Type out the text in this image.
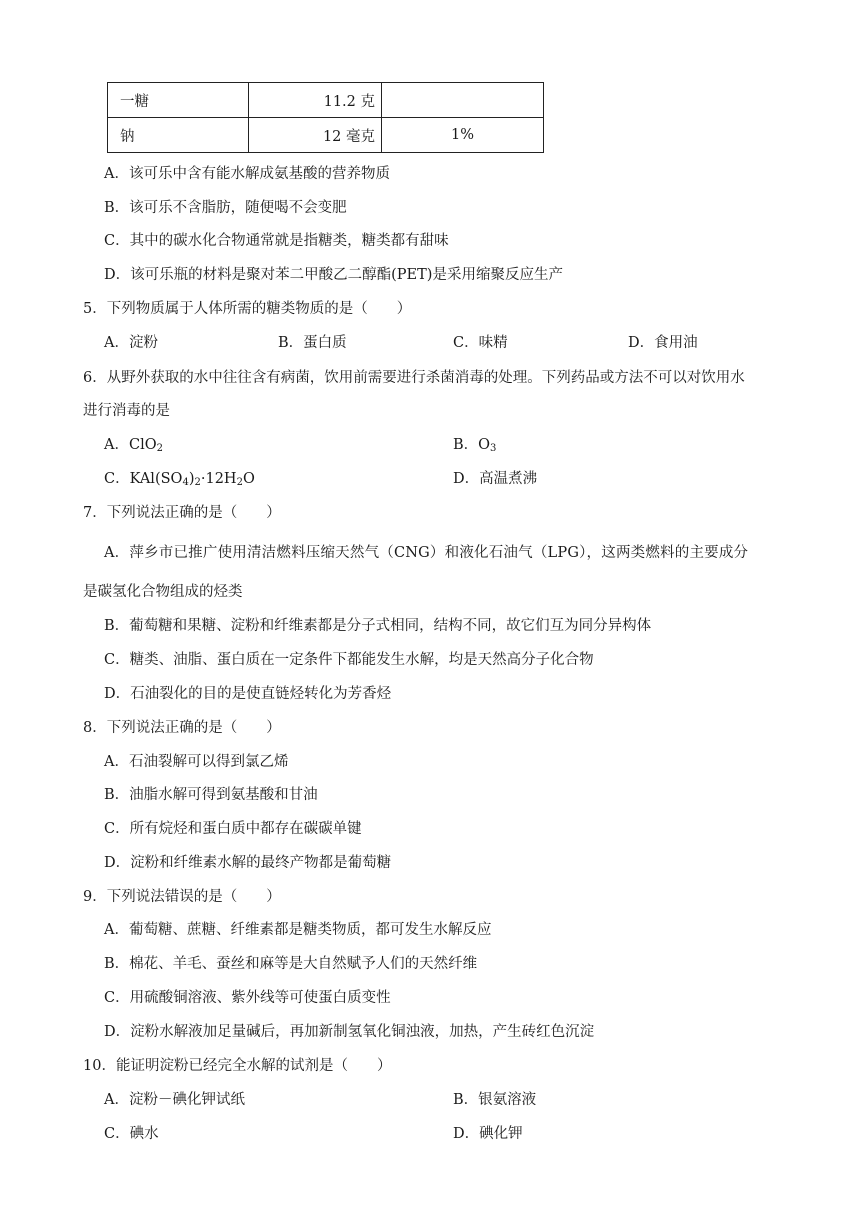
一糖	11.2 克	
钠	12 毫克	1%
A．该可乐中含有能水解成氨基酸的营养物质
B．该可乐不含脂肪，随便喝不会变肥
C．其中的碳水化合物通常就是指糖类，糖类都有甜味
D．该可乐瓶的材料是聚对苯二甲酸乙二醇酯(PET)是采用缩聚反应生产
5．下列物质属于人体所需的糖类物质的是（　　）
A．淀粉	B．蛋白质	C．味精	D．食用油
6．从野外获取的水中往往含有病菌，饮用前需要进行杀菌消毒的处理。下列药品或方法不可以对饮用水
进行消毒的是
A．ClO$_2$	B．$O_3$
C．$KAl(SO_4)_2\cdot 12H_2O$	D．高温煮沸
7．下列说法正确的是（　　）
A．萍乡市已推广使用清洁燃料压缩天然气（CNG）和液化石油气（LPG），这两类燃料的主要成分
是碳氢化合物组成的烃类
B．葡萄糖和果糖、淀粉和纤维素都是分子式相同，结构不同，故它们互为同分异构体
C．糖类、油脂、蛋白质在一定条件下都能发生水解，均是天然高分子化合物
D．石油裂化的目的是使直链烃转化为芳香烃
8．下列说法正确的是（　　）
A．石油裂解可以得到氯乙烯
B．油脂水解可得到氨基酸和甘油
C．所有烷烃和蛋白质中都存在碳碳单键
D．淀粉和纤维素水解的最终产物都是葡萄糖
9．下列说法错误的是（　　）
A．葡萄糖、蔗糖、纤维素都是糖类物质，都可发生水解反应
B．棉花、羊毛、蚕丝和麻等是大自然赋予人们的天然纤维
C．用硫酸铜溶液、紫外线等可使蛋白质变性
D．淀粉水解液加足量碱后，再加新制氢氧化铜浊液，加热，产生砖红色沉淀
10．能证明淀粉已经完全水解的试剂是（　　）
A．淀粉－碘化钾试纸	B．银氨溶液
C．碘水	D．碘化钾
